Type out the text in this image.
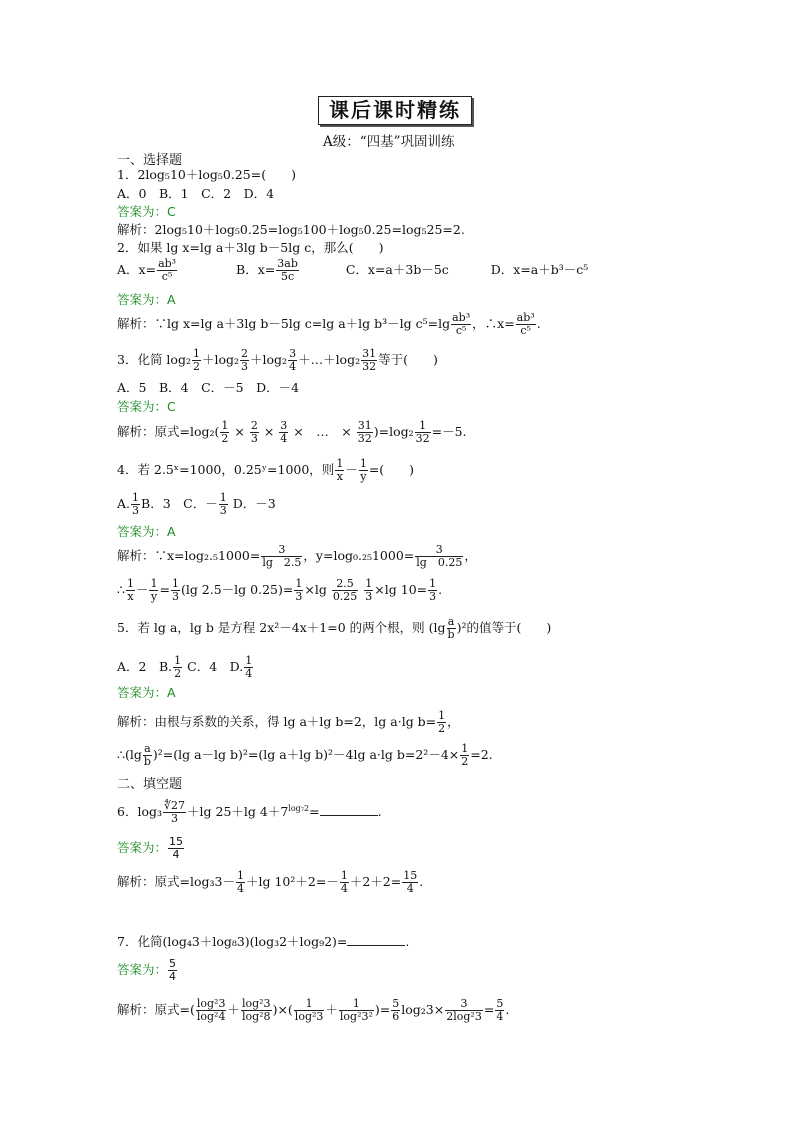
课后课时精练
A级：“四基”巩固训练
一、选择题
1．2log₅10＋log₅0.25=(　　)
A．0　B．1　C．2　D．4
答案为：C
解析：2log₅10＋log₅0.25=log₅100＋log₅0.25=log₅25=2.
2．如果 lg x=lg a＋3lg b－5lg c，那么(　　)
A．$x= \frac{\text{ab³}}{\text{c⁵}}$	B．$x= \frac{3ab}{5c}$	C．x=a＋3b－5c	D．x=a＋b³－c⁵
答案为：A
解析：∵lg x=lg a＋3lg b－5lg c=lg a＋lg b³－lg $c^5=\lg \frac{\text{ab³}}{\text{c⁵}}$ ，∴x= $\frac{\text{ab³}}{\text{c⁵}}$ .
3．化简 $\log_2 \frac{1}{2} +\log_2 \frac{2}{3} +\log_2 \frac{3}{4}$ ＋…＋log₂ $\frac{31}{32}$ 等于(　　)
A．5　B．4　C．－5　D．－4
答案为：C
解析：原式$=\log_2( \frac{1}{2} \times \frac{2}{3} \times \frac{3}{4}$ ×　…　× $\frac{31}{32} )=\log_2 \frac{1}{32} =-5$.
4．若 2.5ˣ=1000，0.25ʸ=1000，则 $\frac{1}{x} - \frac{1}{y}$ =(　　)
A. $\frac{1}{3}$ B．3　C．－ $\frac{1}{3}$ D．－3
答案为：A
解析：∵x=log₂.₅1000= $\frac{3}{\lg 2.5}$ ，$y=\log_0._{25}1000= \frac{3}{\lg 0.25}$ ，
∴ $\frac{1}{x} - \frac{1}{y} = \frac{1}{3} (\lg$ 2.5－lg $0.25)= \frac{1}{3} \times\lg \frac{2.5}{0.25}$
$\frac{1}{3} \times\lg$ $10= \frac{1}{3}$ .
5．若 lg a，lg b 是方程 2x²－4x＋1=0 的两个根，则 $(\lg \frac{a}{b} )^2$的值等于(　　)
A．2　B. $\frac{1}{2}$ C．4　D. $\frac{1}{4}$
答案为：A
解析：由根与系数的关系，得 lg a＋lg b=2，lg a·lg $b= \frac{1}{2}$ ，
∴(lg $\frac{a}{b} )^2=(\lg$ a－lg b)²=(lg a＋lg b)²－4lg a·lg $b=2^2-4\times \frac{1}{2} =2$.
二、填空题
6．$\log_3 \frac{∜27}{3} +\lg$ 25＋lg $4+7^{log_72}=$	.
答案为： $\frac{15}{4}$
解析：原式$=\log_33- \frac{1}{4} +\lg$ $10^2+2=- \frac{1}{4} +2+2= \frac{15}{4}$ .
7．化简(log₄3＋log₈3)(log₃2＋log₉2)=	.
答案为： $\frac{5}{4}$
解析：原式=( $\frac{\text{log²3}}{\text{log²4}} + \frac{\text{log²3}}{\text{log²8}}$ )×( $\frac{1}{\text{log²3}} + \frac{1}{\text{log²3²}}$ )= $\frac{5}{6} \log_23\times \frac{3}{\text{2log²3}} = \frac{5}{4}$ .
